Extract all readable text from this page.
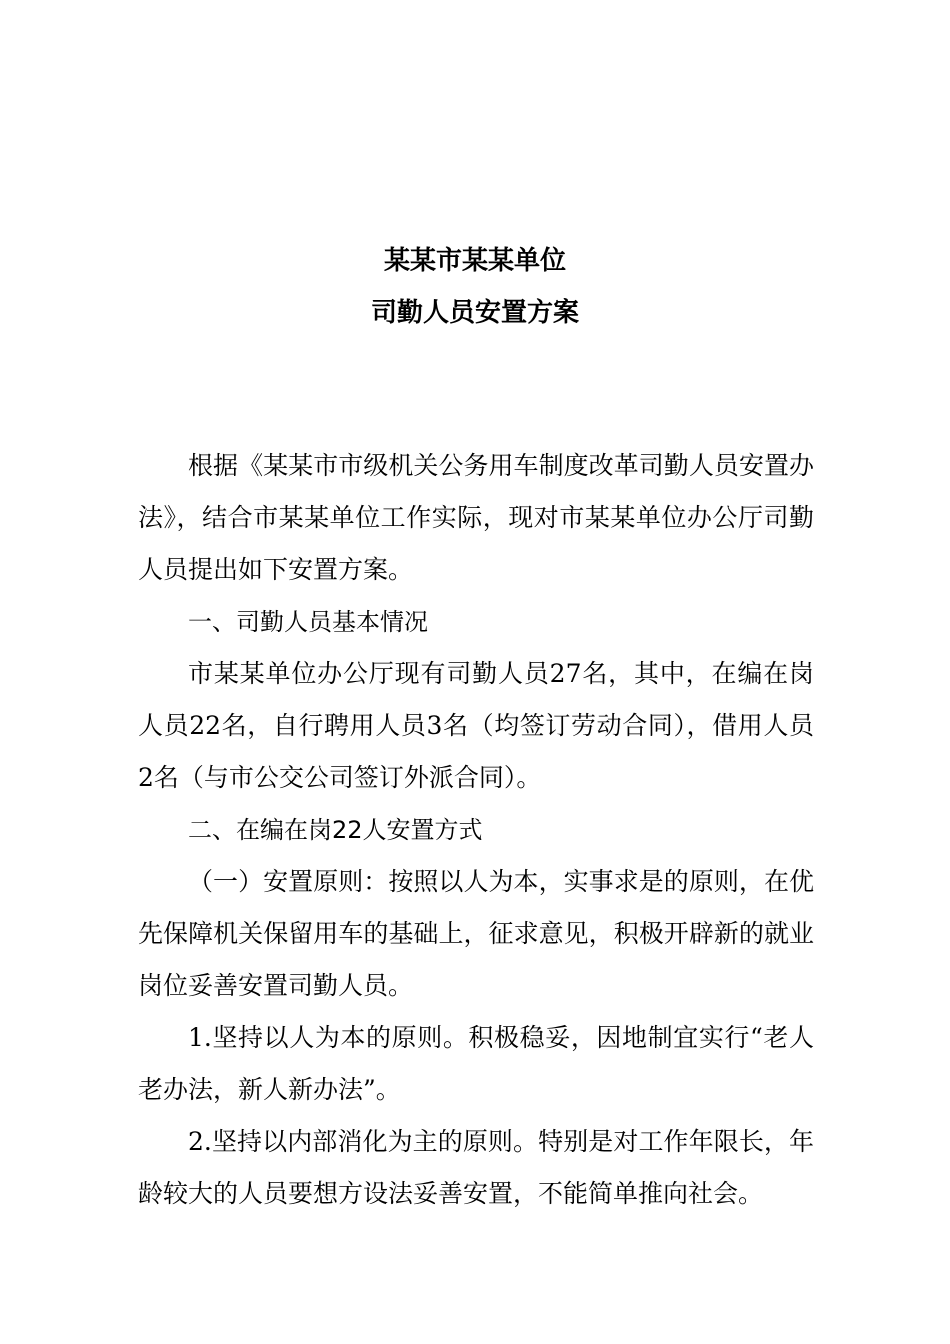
某某市某某单位
司勤人员安置方案

根据《某某市市级机关公务用车制度改革司勤人员安置办法》，结合市某某单位工作实际，现对市某某单位办公厅司勤人员提出如下安置方案。

一、司勤人员基本情况

市某某单位办公厅现有司勤人员27名，其中，在编在岗人员22名，自行聘用人员3名（均签订劳动合同），借用人员2名（与市公交公司签订外派合同）。

二、在编在岗22人安置方式

（一）安置原则：按照以人为本，实事求是的原则，在优先保障机关保留用车的基础上，征求意见，积极开辟新的就业岗位妥善安置司勤人员。

1.坚持以人为本的原则。积极稳妥，因地制宜实行“老人老办法，新人新办法”。

2.坚持以内部消化为主的原则。特别是对工作年限长，年龄较大的人员要想方设法妥善安置，不能简单推向社会。
